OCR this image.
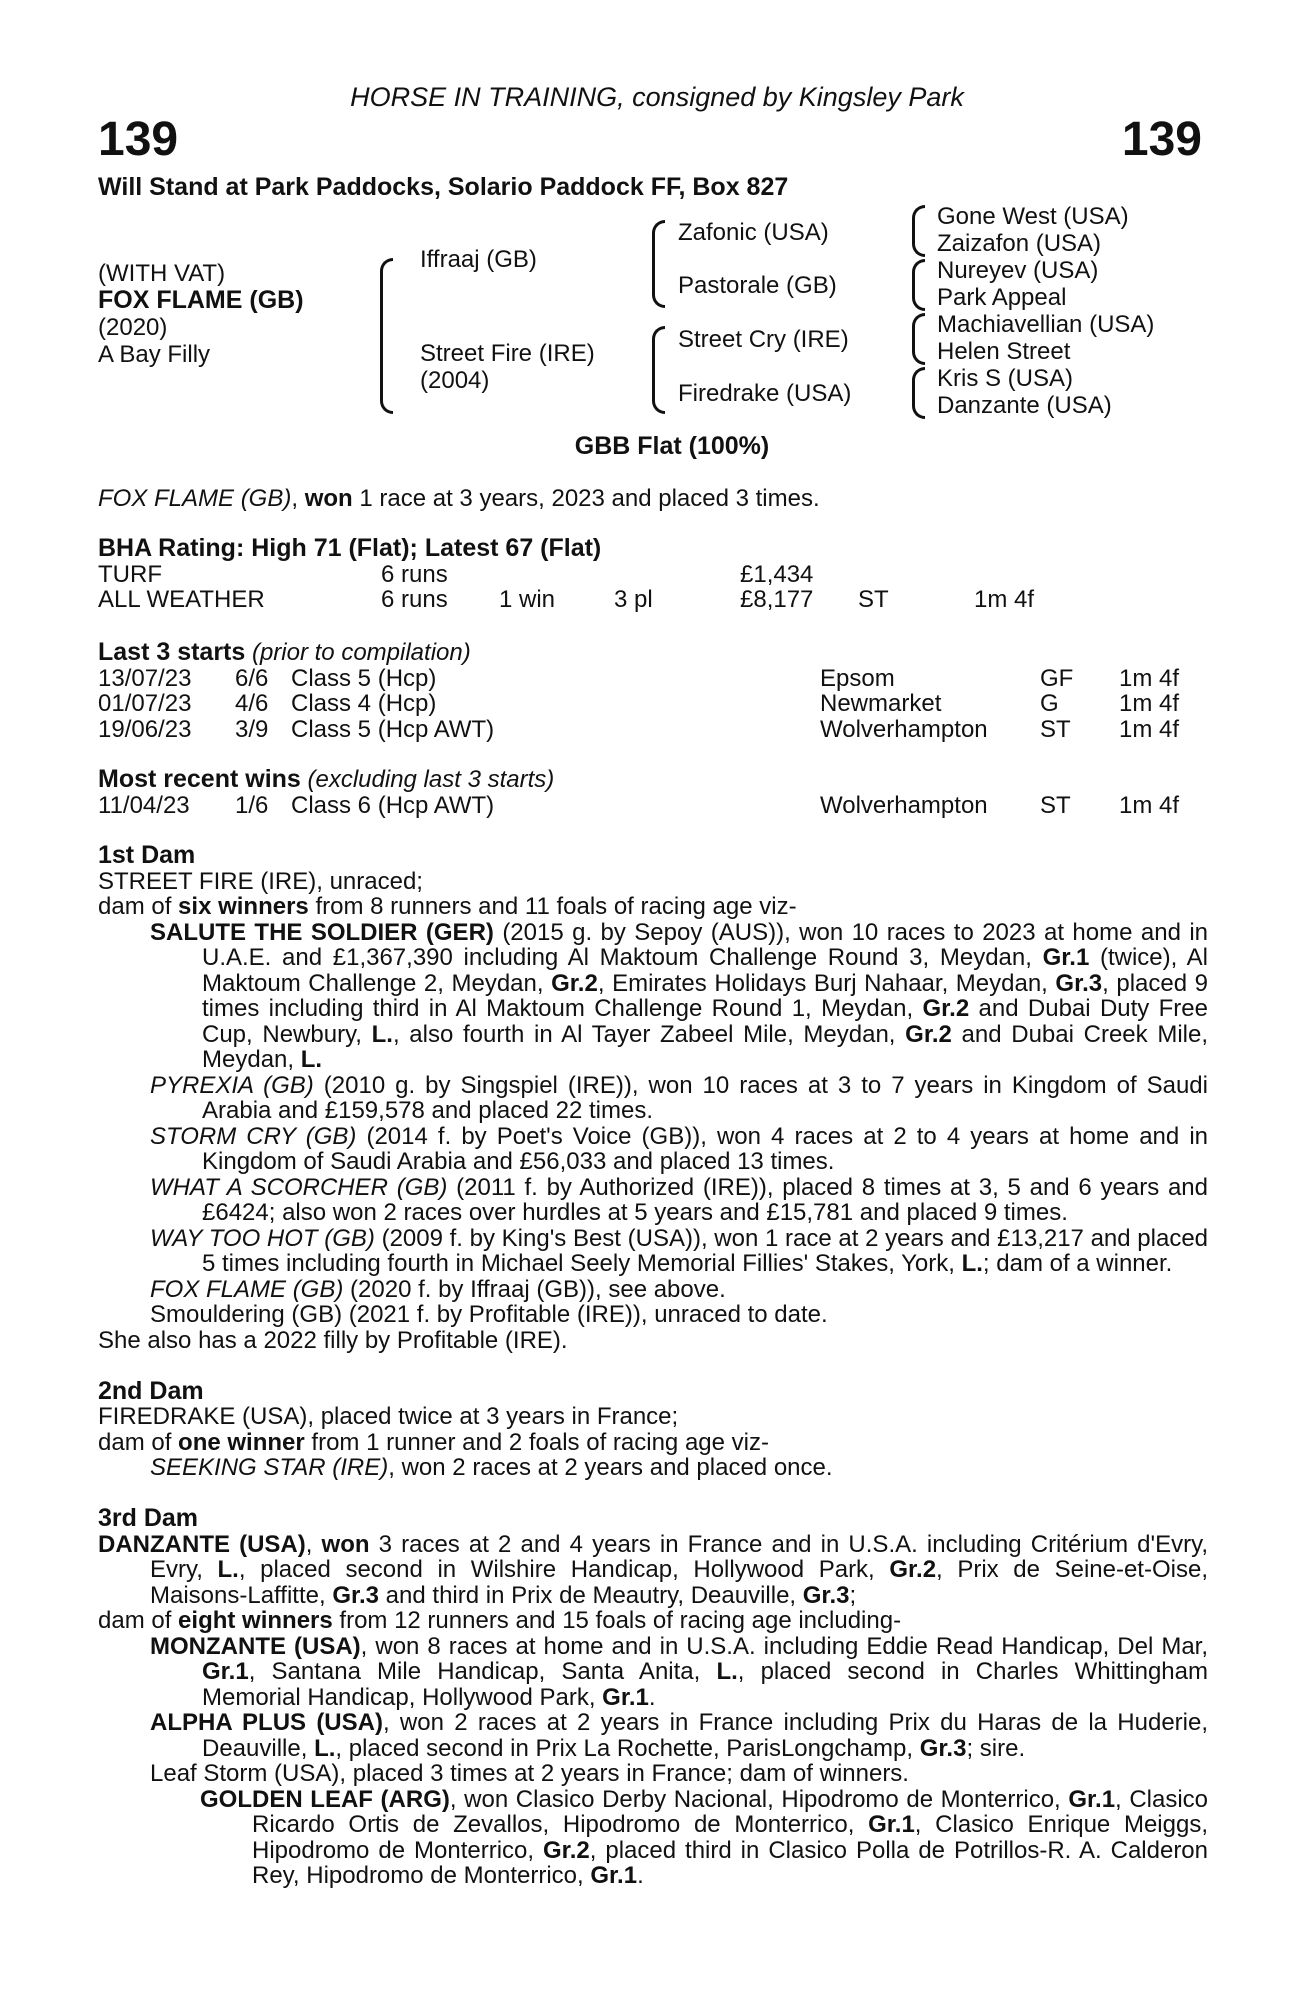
HORSE IN TRAINING, consigned by Kingsley Park
139	139
Will Stand at Park Paddocks, Solario Paddock FF, Box 827
(WITH VAT)
FOX FLAME (GB)
(2020)
A Bay Filly
Iffraaj (GB)
Street Fire (IRE)
(2004)
Zafonic (USA)
Pastorale (GB)
Street Cry (IRE)
Firedrake (USA)
Gone West (USA)
Zaizafon (USA)
Nureyev (USA)
Park Appeal
Machiavellian (USA)
Helen Street
Kris S (USA)
Danzante (USA)
GBB Flat (100%)
FOX FLAME (GB), won 1 race at 3 years, 2023 and placed 3 times.
BHA Rating: High 71 (Flat); Latest 67 (Flat)
TURF	6 runs	£1,434
ALL WEATHER	6 runs 1 win 3 pl	£8,177 ST	1m 4f
Last 3 starts (prior to compilation)
13/07/23 6/6 Class 5 (Hcp)	Epsom	GF 1m 4f
01/07/23 4/6 Class 4 (Hcp)	Newmarket	G	1m 4f
19/06/23 3/9 Class 5 (Hcp AWT)	Wolverhampton ST 1m 4f
Most recent wins (excluding last 3 starts)
11/04/23 1/6 Class 6 (Hcp AWT)	Wolverhampton ST 1m 4f
1st Dam
STREET FIRE (IRE), unraced;
dam of six winners from 8 runners and 11 foals of racing age viz-

SALUTE THE SOLDIER (GER) (2015 g. by Sepoy (AUS)), won 10 races to 2023 at home and in U.A.E. and £1,367,390 including Al Maktoum Challenge Round 3, Meydan, Gr.1 (twice), Al Maktoum Challenge 2, Meydan, Gr.2, Emirates Holidays Burj Nahaar, Meydan, Gr.3, placed 9 times including third in Al Maktoum Challenge Round 1, Meydan, Gr.2 and Dubai Duty Free Cup, Newbury, L., also fourth in Al Tayer Zabeel Mile, Meydan, Gr.2 and Dubai Creek Mile, Meydan, L.

PYREXIA (GB) (2010 g. by Singspiel (IRE)), won 10 races at 3 to 7 years in Kingdom of Saudi Arabia and £159,578 and placed 22 times.

STORM CRY (GB) (2014 f. by Poet's Voice (GB)), won 4 races at 2 to 4 years at home and in Kingdom of Saudi Arabia and £56,033 and placed 13 times.

WHAT A SCORCHER (GB) (2011 f. by Authorized (IRE)), placed 8 times at 3, 5 and 6 years and £6424; also won 2 races over hurdles at 5 years and £15,781 and placed 9 times.

WAY TOO HOT (GB) (2009 f. by King's Best (USA)), won 1 race at 2 years and £13,217 and placed 5 times including fourth in Michael Seely Memorial Fillies' Stakes, York, L.; dam of a winner.

FOX FLAME (GB) (2020 f. by Iffraaj (GB)), see above.

Smouldering (GB) (2021 f. by Profitable (IRE)), unraced to date.

She also has a 2022 filly by Profitable (IRE).
2nd Dam
FIREDRAKE (USA), placed twice at 3 years in France;
dam of one winner from 1 runner and 2 foals of racing age viz-

SEEKING STAR (IRE), won 2 races at 2 years and placed once.

3rd Dam

DANZANTE (USA), won 3 races at 2 and 4 years in France and in U.S.A. including Critérium d'Evry, Evry, L., placed second in Wilshire Handicap, Hollywood Park, Gr.2, Prix de Seine-et-Oise, Maisons-Laffitte, Gr.3 and third in Prix de Meautry, Deauville, Gr.3;

dam of eight winners from 12 runners and 15 foals of racing age including-

MONZANTE (USA), won 8 races at home and in U.S.A. including Eddie Read Handicap, Del Mar, Gr.1, Santana Mile Handicap, Santa Anita, L., placed second in Charles Whittingham Memorial Handicap, Hollywood Park, Gr.1.

ALPHA PLUS (USA), won 2 races at 2 years in France including Prix du Haras de la Huderie, Deauville, L., placed second in Prix La Rochette, ParisLongchamp, Gr.3; sire.

Leaf Storm (USA), placed 3 times at 2 years in France; dam of winners.

GOLDEN LEAF (ARG), won Clasico Derby Nacional, Hipodromo de Monterrico, Gr.1, Clasico Ricardo Ortis de Zevallos, Hipodromo de Monterrico, Gr.1, Clasico Enrique Meiggs, Hipodromo de Monterrico, Gr.2, placed third in Clasico Polla de Potrillos-R. A. Calderon Rey, Hipodromo de Monterrico, Gr.1.
